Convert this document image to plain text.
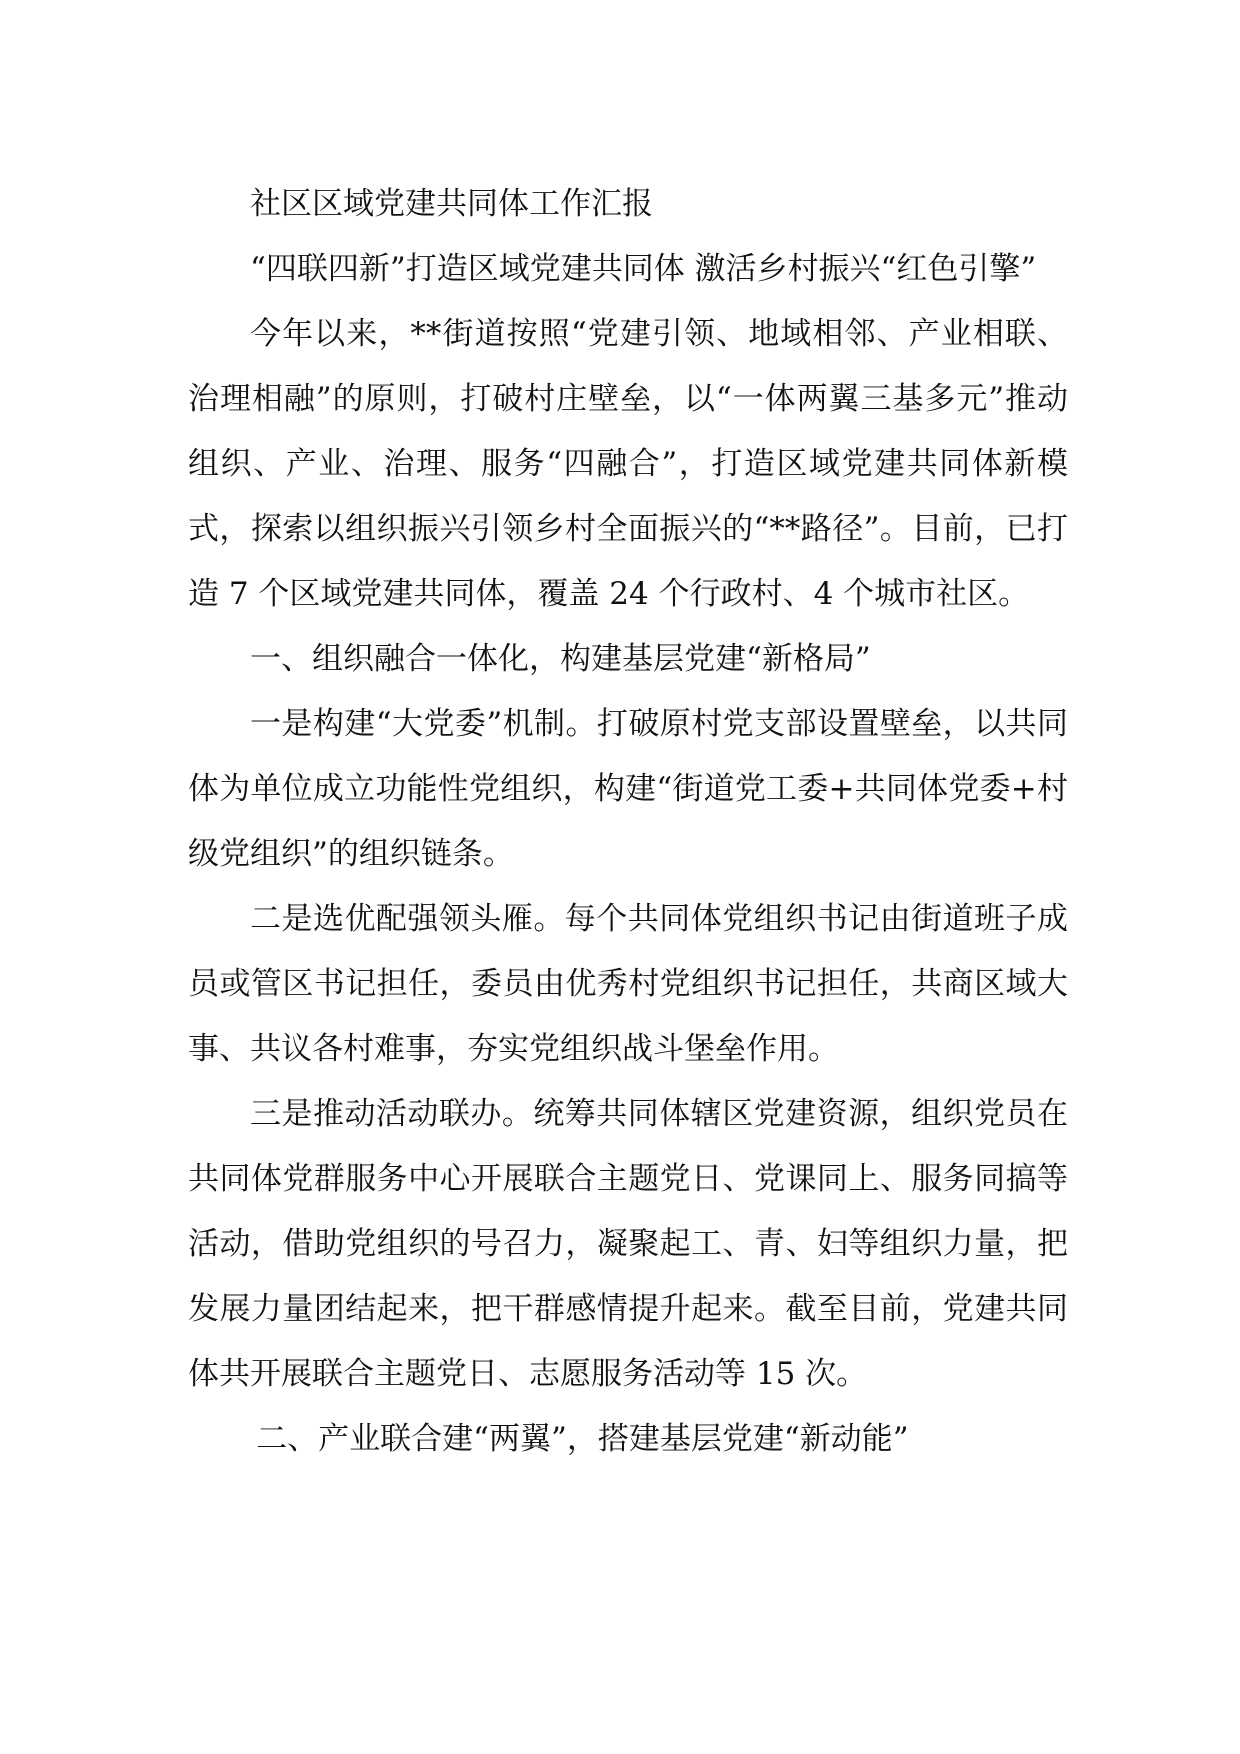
社区区域党建共同体工作汇报

“四联四新”打造区域党建共同体 激活乡村振兴“红色引擎”

今年以来，**街道按照“党建引领、地域相邻、产业相联、治理相融”的原则，打破村庄壁垒，以“一体两翼三基多元”推动组织、产业、治理、服务“四融合”，打造区域党建共同体新模式，探索以组织振兴引领乡村全面振兴的“**路径”。目前，已打造 7 个区域党建共同体，覆盖 24 个行政村、4 个城市社区。

一、组织融合一体化，构建基层党建“新格局”

一是构建“大党委”机制。打破原村党支部设置壁垒，以共同体为单位成立功能性党组织，构建“街道党工委+共同体党委+村级党组织”的组织链条。

二是选优配强领头雁。每个共同体党组织书记由街道班子成员或管区书记担任，委员由优秀村党组织书记担任，共商区域大事、共议各村难事，夯实党组织战斗堡垒作用。

三是推动活动联办。统筹共同体辖区党建资源，组织党员在共同体党群服务中心开展联合主题党日、党课同上、服务同搞等活动，借助党组织的号召力，凝聚起工、青、妇等组织力量，把发展力量团结起来，把干群感情提升起来。截至目前，党建共同体共开展联合主题党日、志愿服务活动等 15 次。

二、产业联合建“两翼”，搭建基层党建“新动能”
